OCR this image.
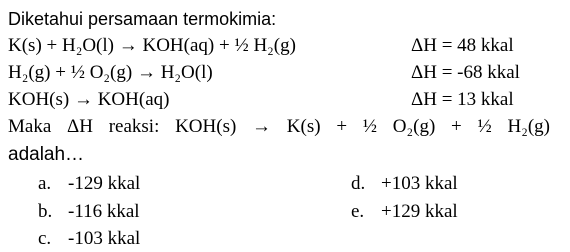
Diketahui persamaan termokimia:
K(s) + H₂O(l) → KOH(aq) + ½ H₂(g)	ΔH = 48 kkal
H₂(g) + ½ O₂(g) → H₂O(l)	ΔH = -68 kkal
KOH(s) → KOH(aq)	ΔH = 13 kkal
Maka ΔH reaksi: KOH(s) → K(s) + ½ O₂(g) + ½ H₂(g)
adalah…
a. -129 kkal
b. -116 kkal
c. -103 kkal
d. +103 kkal
e. +129 kkal
